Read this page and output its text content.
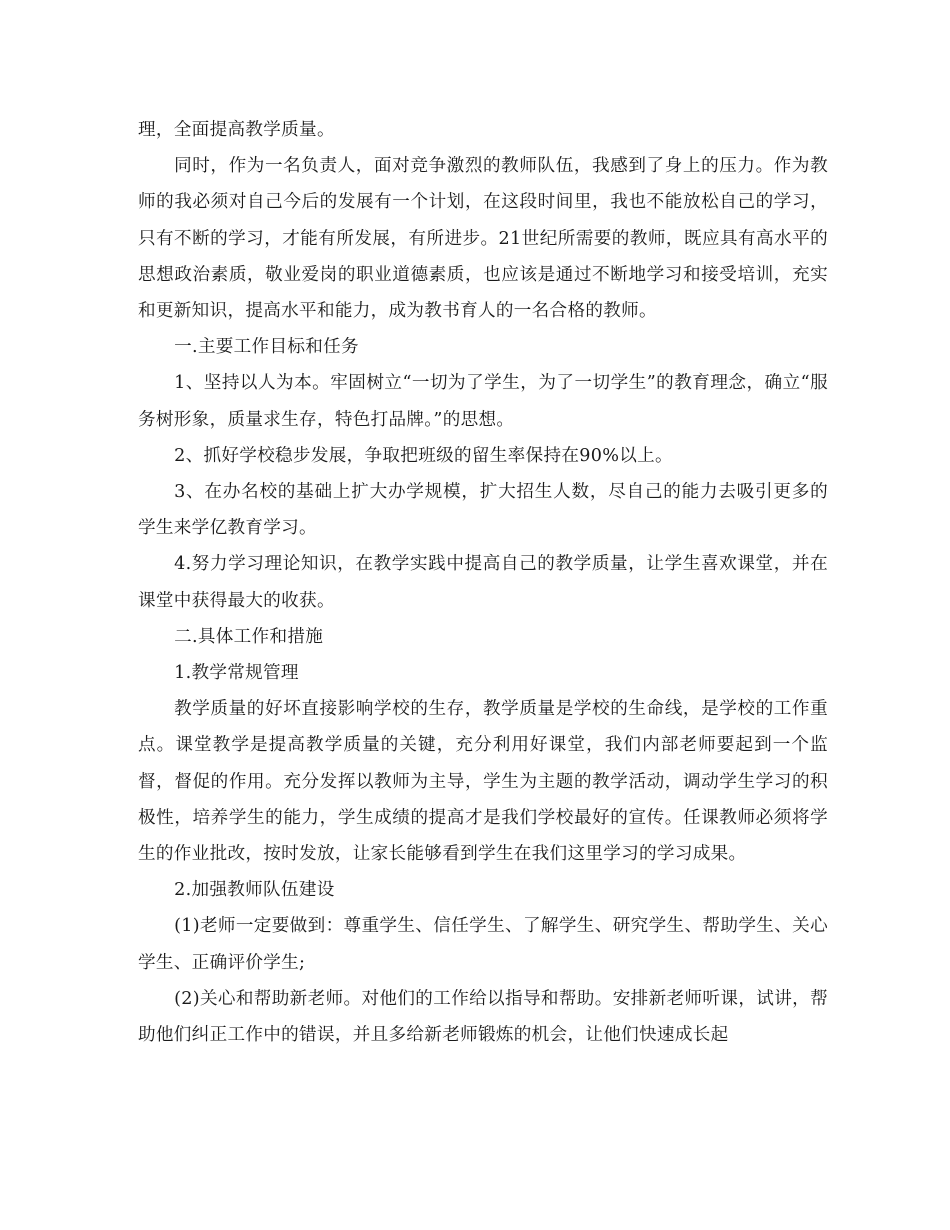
理，全面提高教学质量。

同时，作为一名负责人，面对竞争激烈的教师队伍，我感到了身上的压力。作为教师的我必须对自己今后的发展有一个计划，在这段时间里，我也不能放松自己的学习，只有不断的学习，才能有所发展，有所进步。21世纪所需要的教师，既应具有高水平的思想政治素质，敬业爱岗的职业道德素质，也应该是通过不断地学习和接受培训，充实和更新知识，提高水平和能力，成为教书育人的一名合格的教师。

一.主要工作目标和任务

1、坚持以人为本。牢固树立“一切为了学生，为了一切学生”的教育理念，确立“服务树形象，质量求生存，特色打品牌。”的思想。

2、抓好学校稳步发展，争取把班级的留生率保持在90%以上。

3、在办名校的基础上扩大办学规模，扩大招生人数，尽自己的能力去吸引更多的学生来学亿教育学习。

4.努力学习理论知识，在教学实践中提高自己的教学质量，让学生喜欢课堂，并在课堂中获得最大的收获。

二.具体工作和措施

1.教学常规管理

教学质量的好坏直接影响学校的生存，教学质量是学校的生命线，是学校的工作重点。课堂教学是提高教学质量的关键，充分利用好课堂，我们内部老师要起到一个监督，督促的作用。充分发挥以教师为主导，学生为主题的教学活动，调动学生学习的积极性，培养学生的能力，学生成绩的提高才是我们学校最好的宣传。任课教师必须将学生的作业批改，按时发放，让家长能够看到学生在我们这里学习的学习成果。

2.加强教师队伍建设

(1)老师一定要做到：尊重学生、信任学生、了解学生、研究学生、帮助学生、关心学生、正确评价学生;

(2)关心和帮助新老师。对他们的工作给以指导和帮助。安排新老师听课，试讲，帮助他们纠正工作中的错误，并且多给新老师锻炼的机会，让他们快速成长起
